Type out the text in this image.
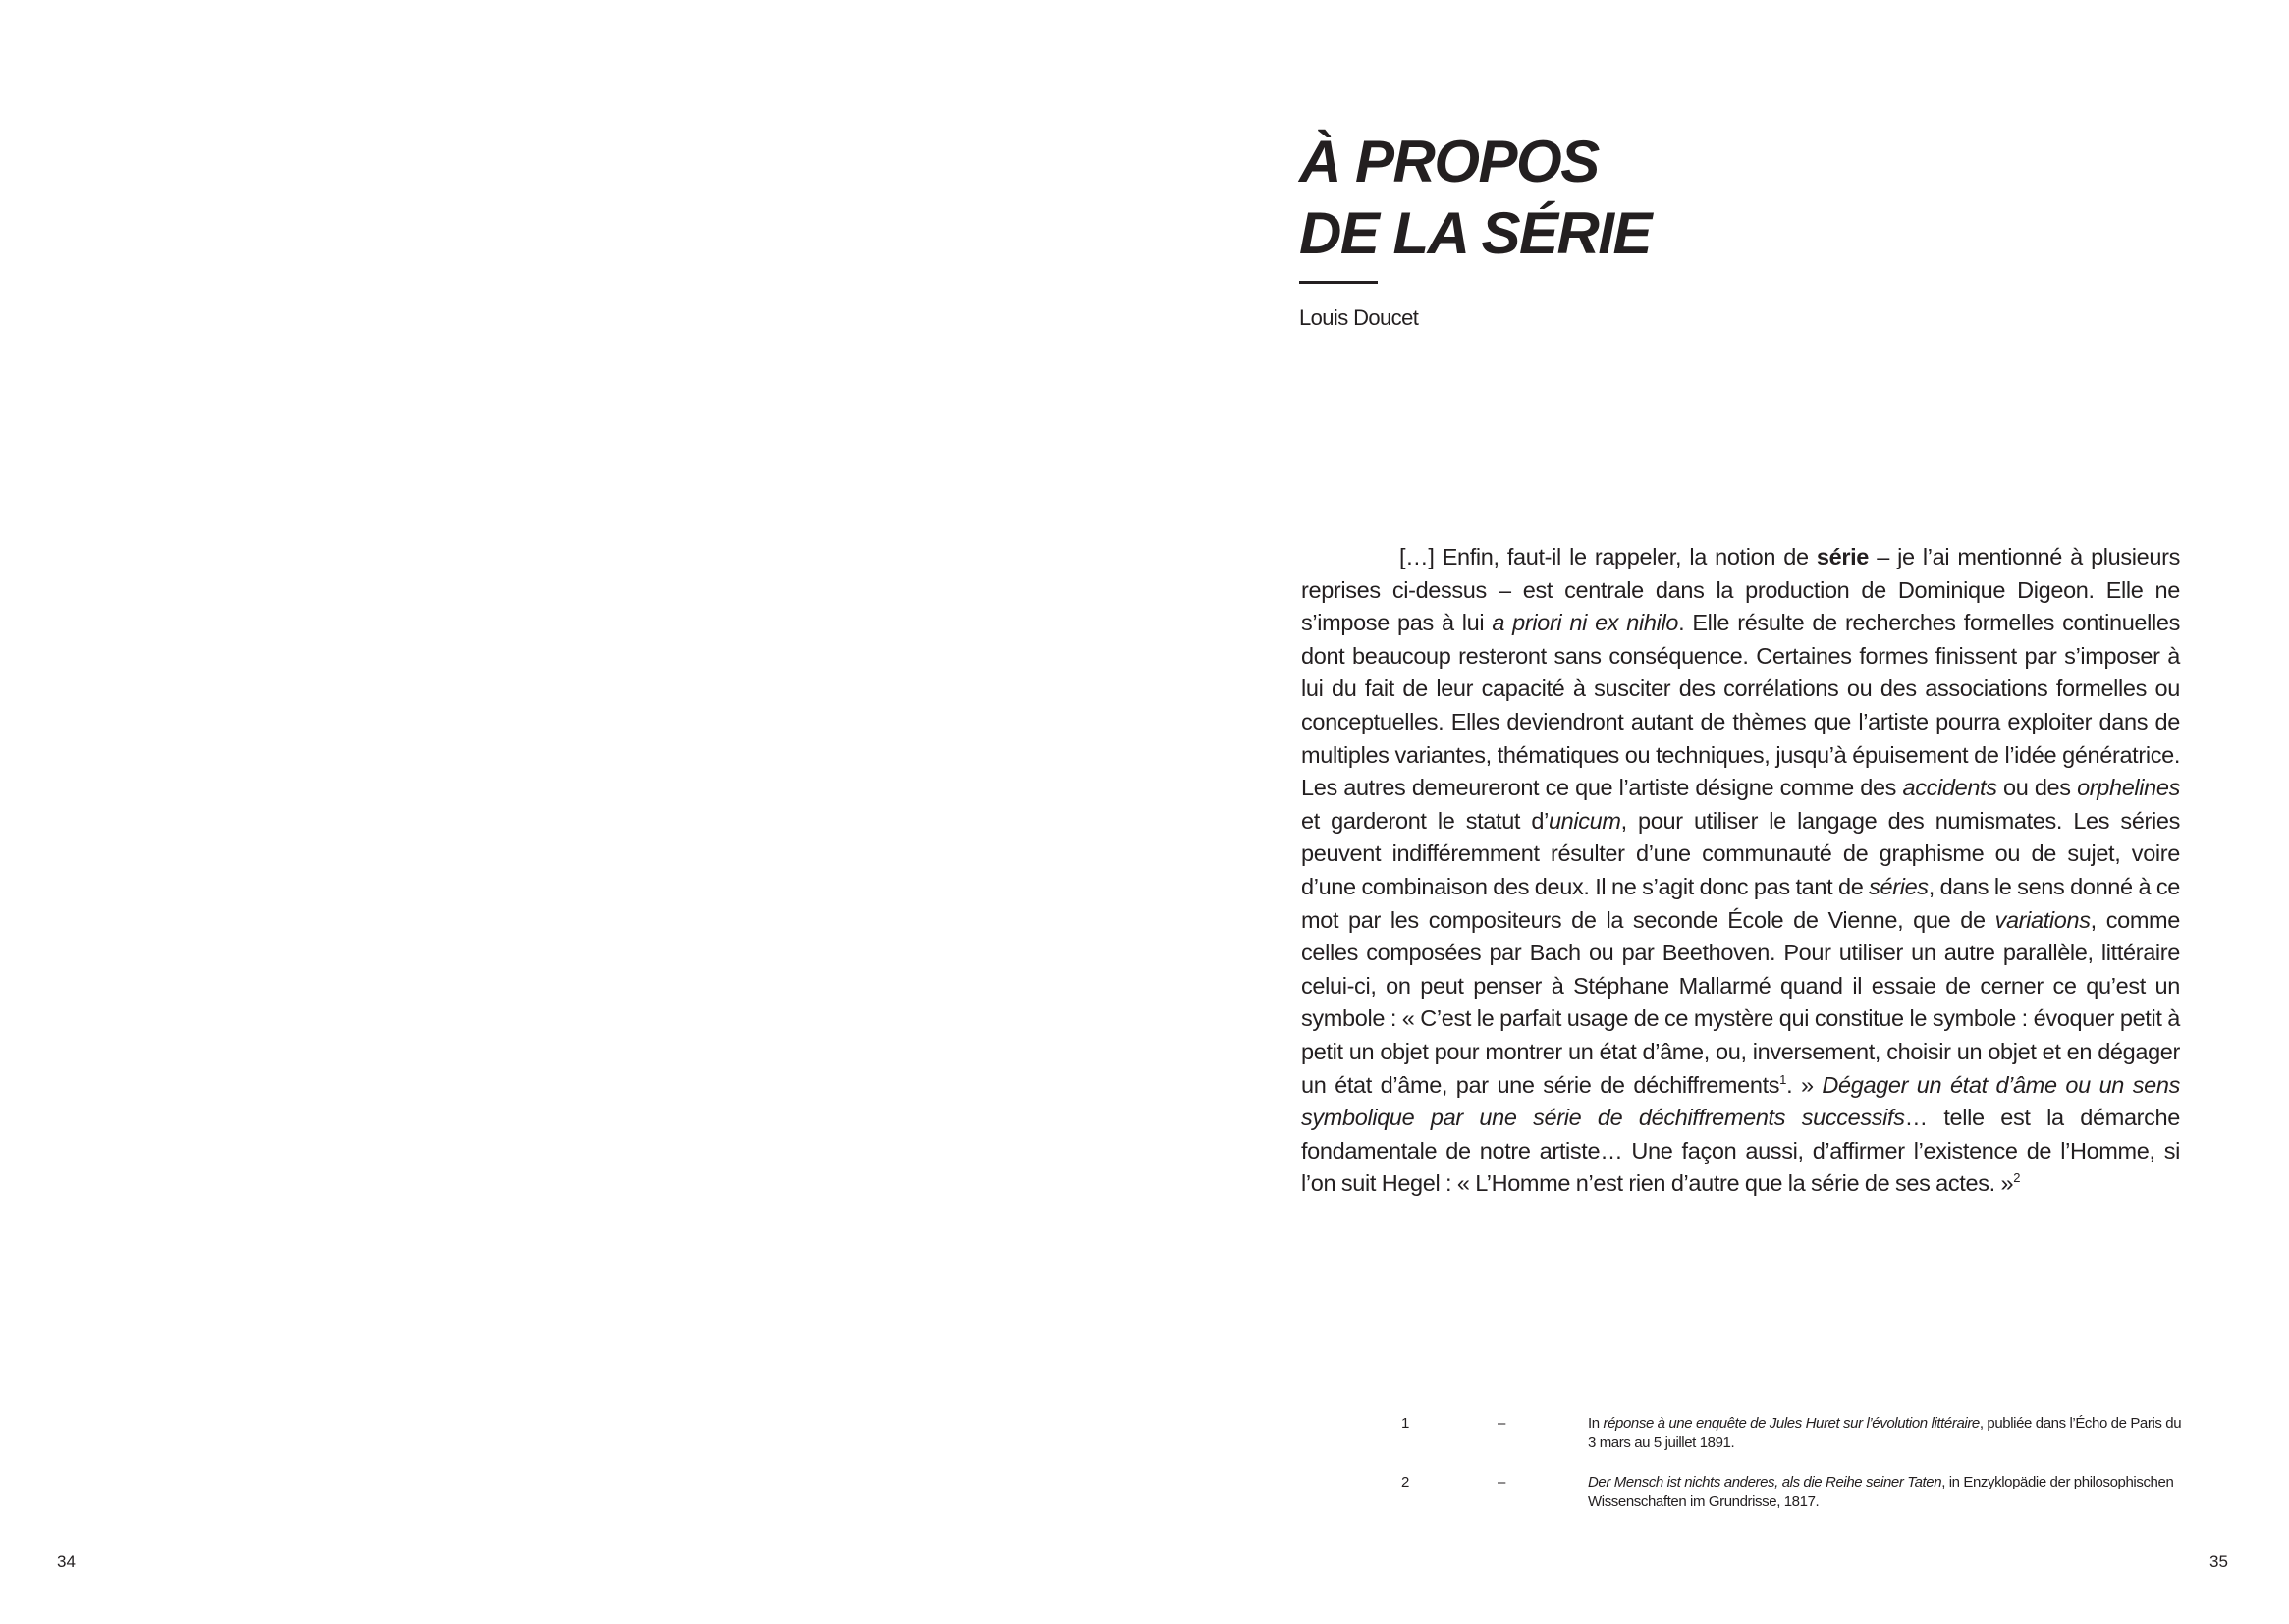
34
À PROPOS
DE LA SÉRIE
Louis Doucet

[…] Enfin, faut-il le rappeler, la notion de série – je l’ai mentionné à plusieurs reprises ci-dessus – est centrale dans la production de Dominique Digeon. Elle ne s’impose pas à lui a priori ni ex nihilo. Elle résulte de recherches formelles continuelles dont beaucoup resteront sans conséquence. Certaines formes finissent par s’imposer à lui du fait de leur capacité à susciter des corrélations ou des associations formelles ou conceptuelles. Elles deviendront autant de thèmes que l’artiste pourra exploiter dans de multiples variantes, thématiques ou techniques, jusqu’à épuisement de l’idée génératrice. Les autres demeureront ce que l’artiste désigne comme des accidents ou des orphelines et garderont le statut d’unicum, pour utiliser le langage des numismates. Les séries peuvent indifféremment résulter d’une communauté de graphisme ou de sujet, voire d’une combinaison des deux. Il ne s’agit donc pas tant de séries, dans le sens donné à ce mot par les compositeurs de la seconde École de Vienne, que de variations, comme celles composées par Bach ou par Beethoven. Pour utiliser un autre parallèle, littéraire celui-ci, on peut penser à Stéphane Mallarmé quand il essaie de cerner ce qu’est un symbole : « C’est le parfait usage de ce mystère qui constitue le symbole : évoquer petit à petit un objet pour montrer un état d’âme, ou, inversement, choisir un objet et en dégager un état d’âme, par une série de déchiffrements$^1$. » Dégager un état d’âme ou un sens symbolique par une série de déchiffrements successifs… telle est la démarche fondamentale de notre artiste… Une façon aussi, d’affirmer l’existence de l’Homme, si l’on suit Hegel : « L’Homme n’est rien d’autre que la série de ses actes. »$^2$

1	–	In réponse à une enquête de Jules Huret sur l’évolution littéraire, publiée dans l’Écho de Paris du 3 mars au 5 juillet 1891.
2	–	Der Mensch ist nichts anderes, als die Reihe seiner Taten, in Enzyklopädie der philosophischen Wissenschaften im Grundrisse, 1817.
35
